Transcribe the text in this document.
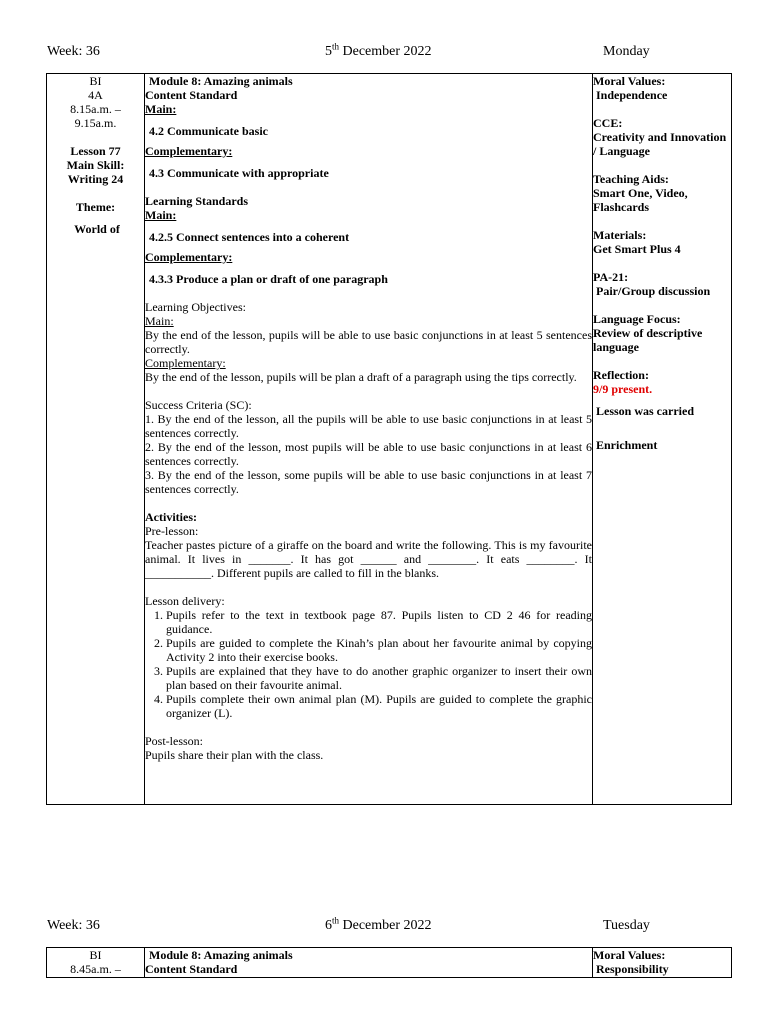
Week: 36	5th December 2022	Monday
BI
4A
8.15a.m. –
9.15a.m.
Lesson 77
Main Skill:
Writing 24
Theme:
World of

Module 8: Amazing animals
Content Standard
Main:
4.2 Communicate basic
Complementary:
4.3 Communicate with appropriate
Learning Standards
Main:
4.2.5 Connect sentences into a coherent
Complementary:
4.3.3 Produce a plan or draft of one paragraph
Learning Objectives:
Main:
By the end of the lesson, pupils will be able to use basic conjunctions in at least 5 sentences correctly.
Complementary:
By the end of the lesson, pupils will be plan a draft of a paragraph using the tips correctly.
Success Criteria (SC):
1. By the end of the lesson, all the pupils will be able to use basic conjunctions in at least 5 sentences correctly.
2. By the end of the lesson, most pupils will be able to use basic conjunctions in at least 6 sentences correctly.
3. By the end of the lesson, some pupils will be able to use basic conjunctions in at least 7 sentences correctly.
Activities:
Pre-lesson:
Teacher pastes picture of a giraffe on the board and write the following. This is my favourite animal. It lives in _______. It has got ______ and ________. It eats ________. It ___________. Different pupils are called to fill in the blanks.
Lesson delivery:
1. Pupils refer to the text in textbook page 87. Pupils listen to CD 2 46 for reading guidance.
2. Pupils are guided to complete the Kinah’s plan about her favourite animal by copying Activity 2 into their exercise books.
3. Pupils are explained that they have to do another graphic organizer to insert their own plan based on their favourite animal.
4. Pupils complete their own animal plan (M). Pupils are guided to complete the graphic organizer (L).
Post-lesson:
Pupils share their plan with the class.

Moral Values:
Independence
CCE:
Creativity and Innovation / Language
Teaching Aids:
Smart One, Video, Flashcards
Materials:
Get Smart Plus 4
PA-21:
Pair/Group discussion
Language Focus:
Review of descriptive language
Reflection:
9/9 present.
Lesson was carried
Enrichment
Week: 36	6th December 2022	Tuesday
BI
8.45a.m. –

Module 8: Amazing animals
Content Standard

Moral Values:
Responsibility
